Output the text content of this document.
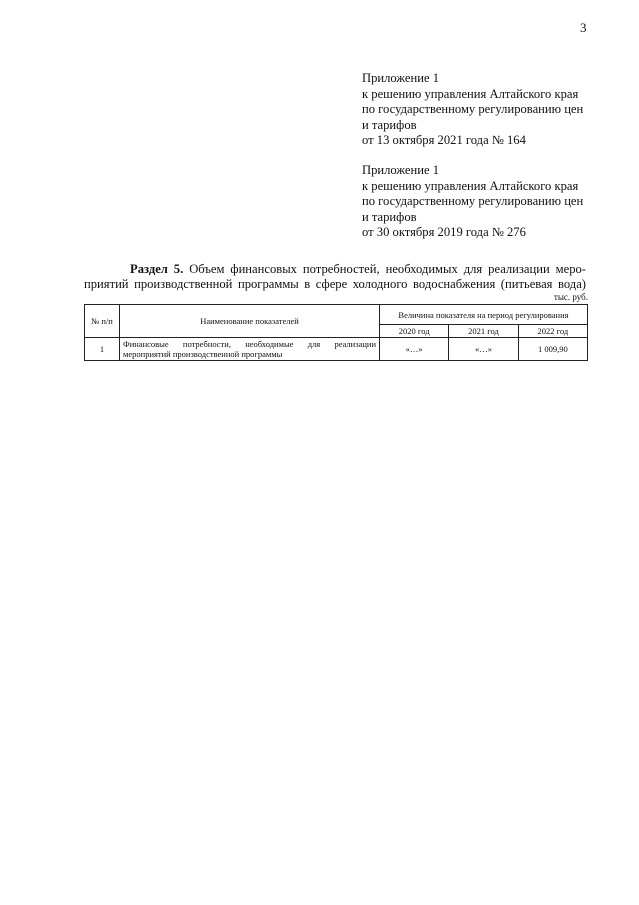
3
Приложение 1
к решению управления Алтайского края
по государственному регулированию цен
и тарифов
от 13 октября 2021 года № 164
Приложение 1
к решению управления Алтайского края
по государственному регулированию цен
и тарифов
от 30 октября 2019 года № 276
Раздел 5. Объем финансовых потребностей, необходимых для реализации меро-
приятий производственной программы в сфере холодного водоснабжения (питьевая вода)
тыс. руб.
№ п/п	Наименование показателей	Величина показателя на период регулирования		
		2020 год	2021 год	2022 год
1	Финансовые потребности, необходимые для реализации мероприятий производственной программы	«…»	«…»	1 009,90
